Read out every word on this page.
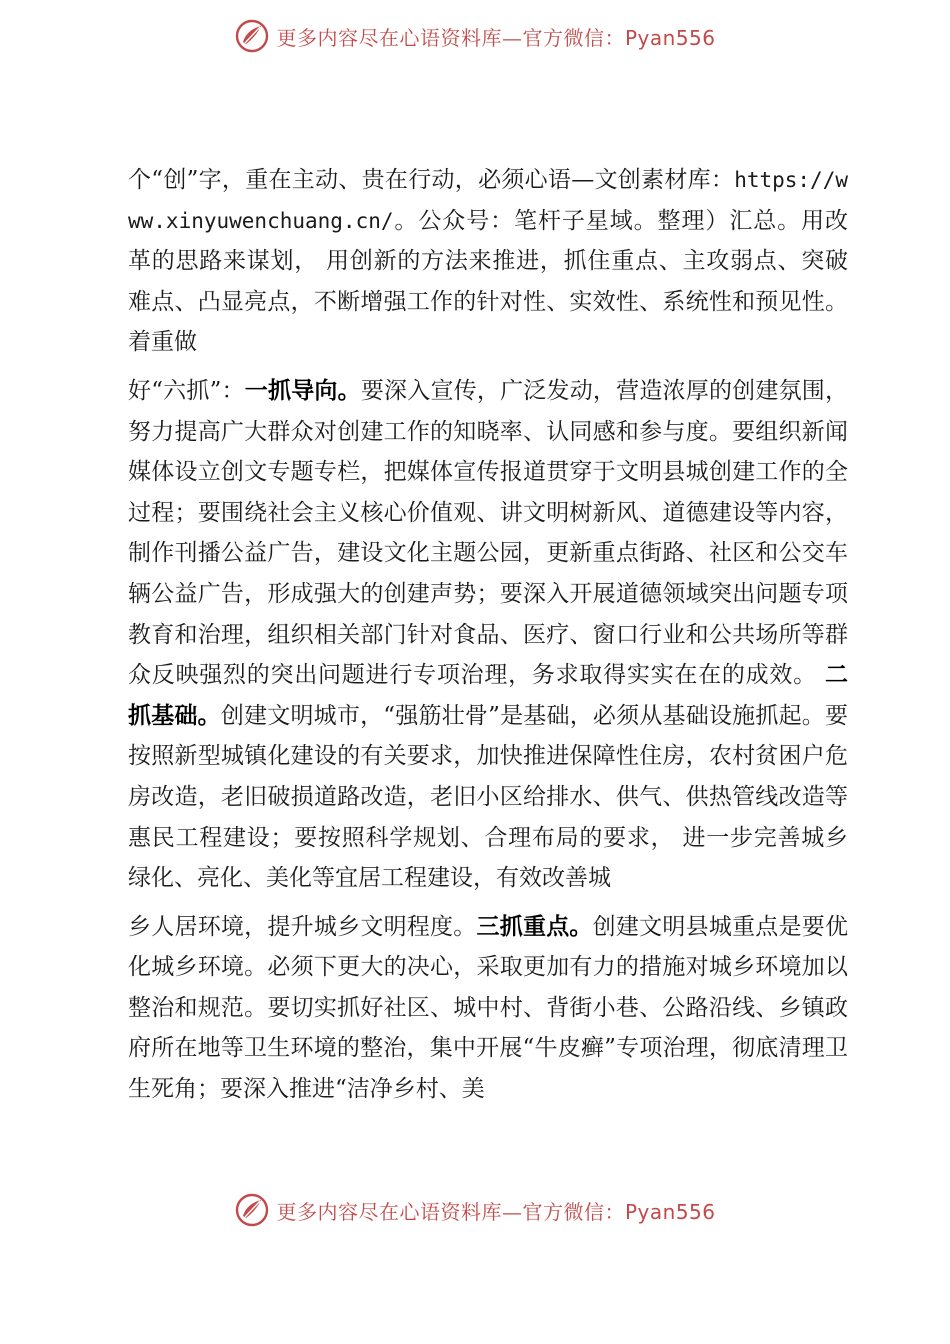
更多内容尽在心语资料库—官方微信：Pyan556

个“创”字，重在主动、贵在行动，必须心语—文创素材库：https://www.xinyuwenchuang.cn/。公众号：笔杆子星域。整理）汇总。用改革的思路来谋划， 用创新的方法来推进，抓住重点、主攻弱点、突破难点、凸显亮点，不断增强工作的针对性、实效性、系统性和预见性。着重做

好“六抓”：一抓导向。要深入宣传，广泛发动，营造浓厚的创建氛围，努力提高广大群众对创建工作的知晓率、认同感和参与度。要组织新闻媒体设立创文专题专栏，把媒体宣传报道贯穿于文明县城创建工作的全过程；要围绕社会主义核心价值观、讲文明树新风、道德建设等内容，制作刊播公益广告，建设文化主题公园，更新重点街路、社区和公交车辆公益广告，形成强大的创建声势；要深入开展道德领域突出问题专项教育和治理，组织相关部门针对食品、医疗、窗口行业和公共场所等群众反映强烈的突出问题进行专项治理，务求取得实实在在的成效。 二抓基础。创建文明城市，“强筋壮骨”是基础，必须从基础设施抓起。要按照新型城镇化建设的有关要求，加快推进保障性住房，农村贫困户危房改造，老旧破损道路改造，老旧小区给排水、供气、供热管线改造等惠民工程建设；要按照科学规划、合理布局的要求， 进一步完善城乡绿化、亮化、美化等宜居工程建设，有效改善城

乡人居环境，提升城乡文明程度。三抓重点。创建文明县城重点是要优化城乡环境。必须下更大的决心，采取更加有力的措施对城乡环境加以整治和规范。要切实抓好社区、城中村、背街小巷、公路沿线、乡镇政府所在地等卫生环境的整治，集中开展“牛皮癣”专项治理，彻底清理卫生死角；要深入推进“洁净乡村、美

更多内容尽在心语资料库—官方微信：Pyan556
